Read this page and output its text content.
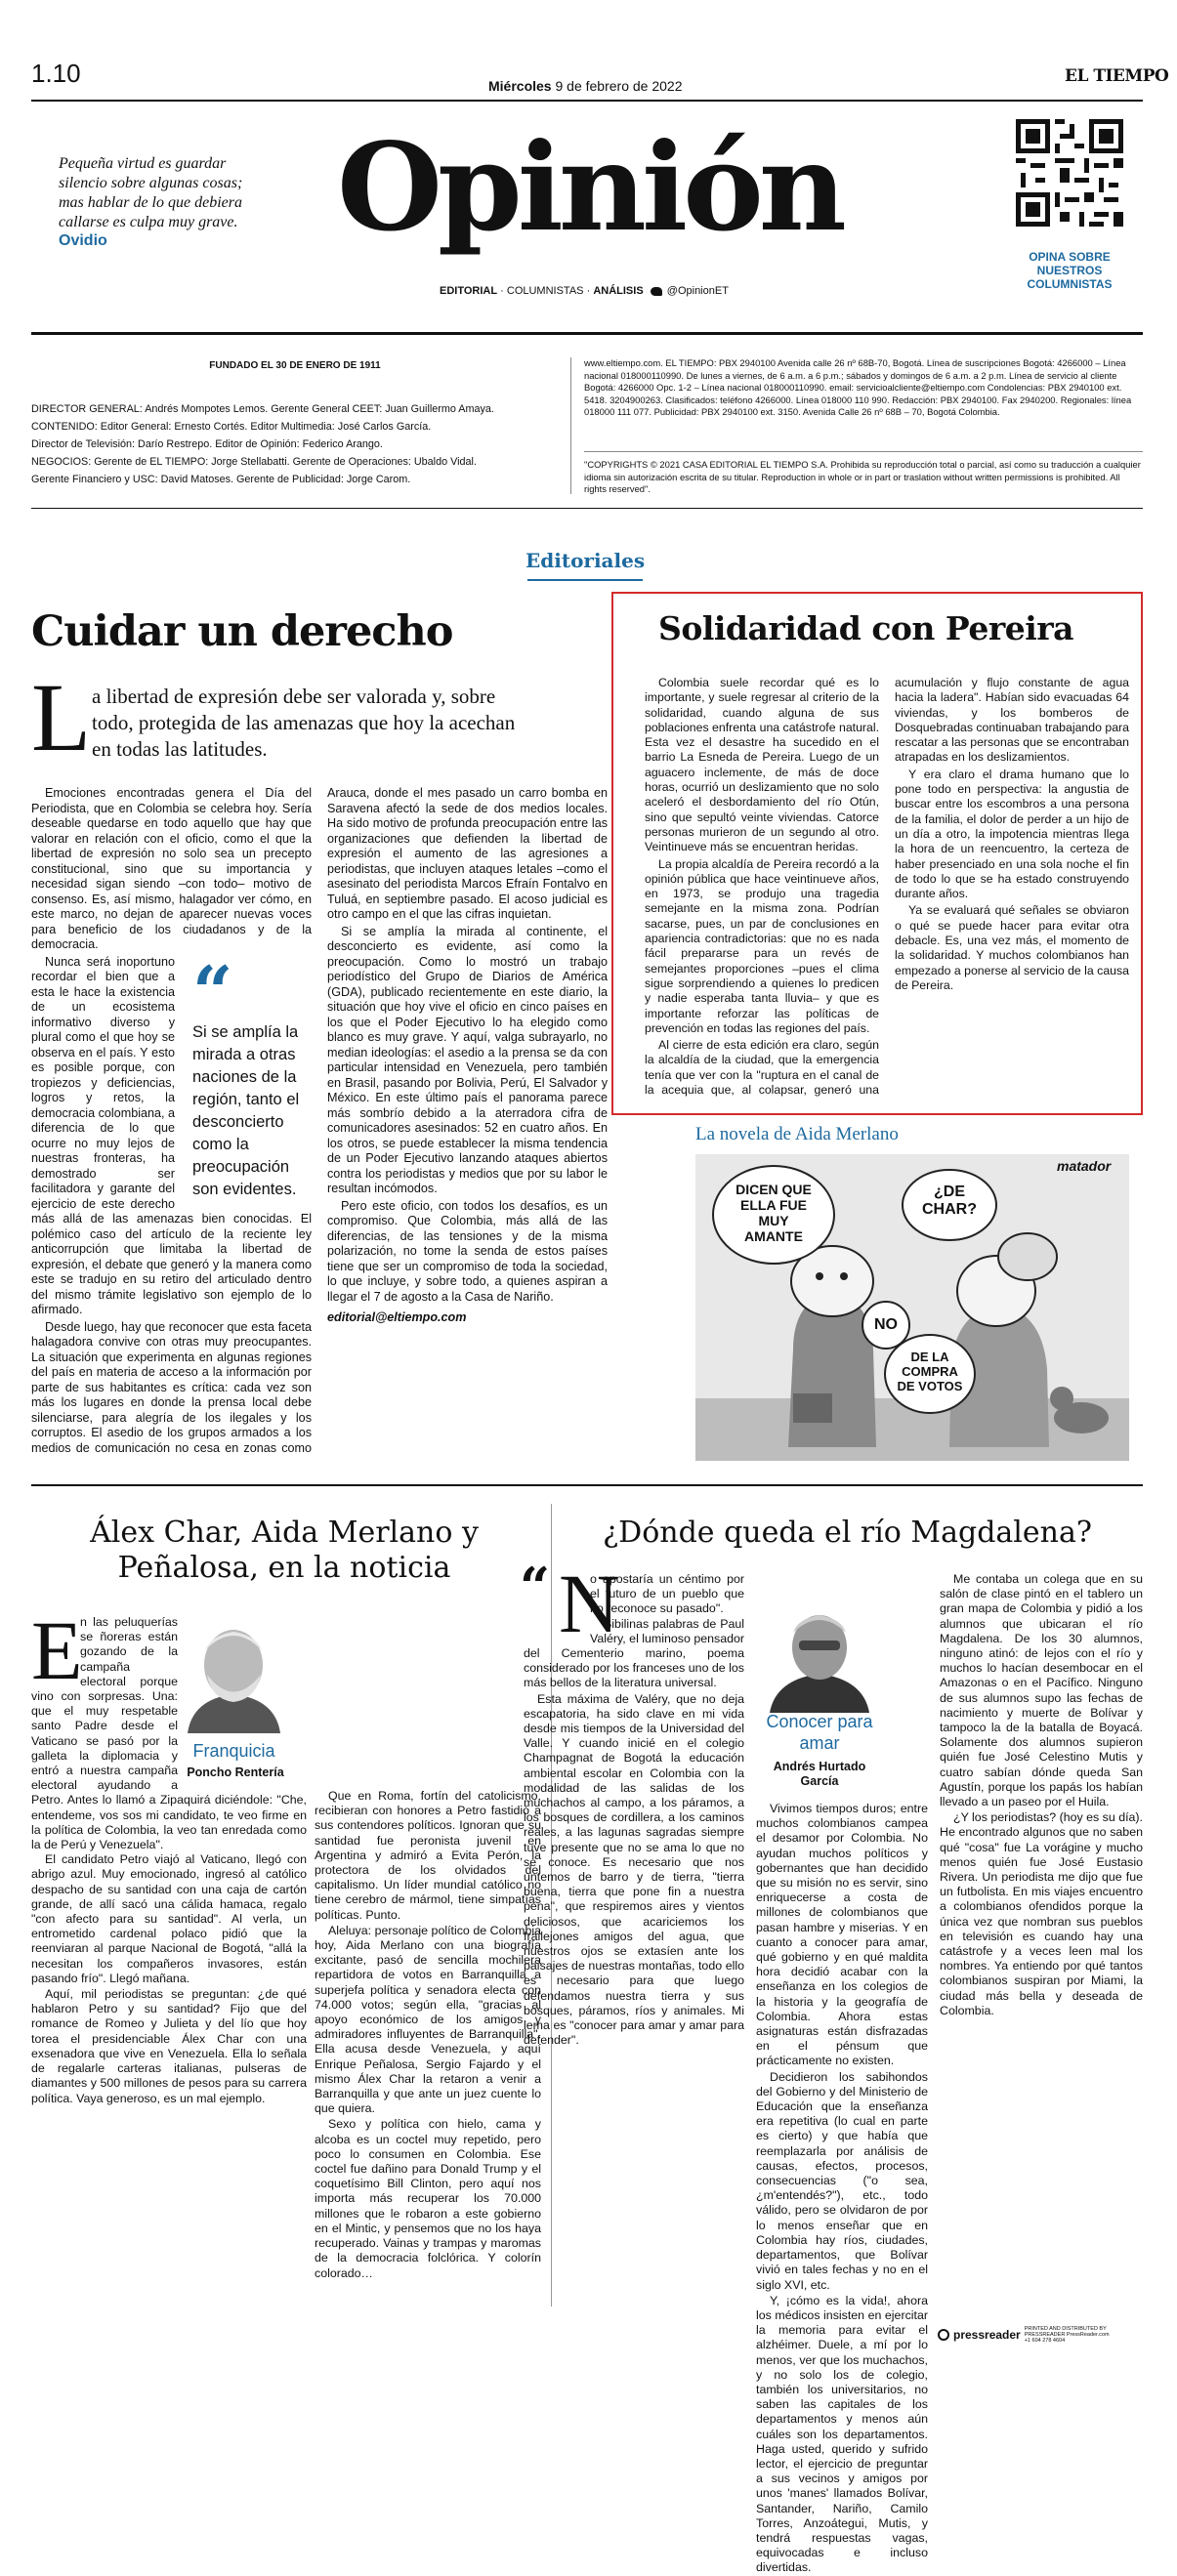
1.10	Miércoles 9 de febrero de 2022	EL TIEMPO
Pequeña virtud es guardar silencio sobre algunas cosas; mas hablar de lo que debiera callarse es culpa muy grave.
Ovidio	Opinión
EDITORIAL · COLUMNISTAS · ANÁLISIS @OpinionET
OPINA SOBRE NUESTROS COLUMNISTAS
FUNDADO EL 30 DE ENERO DE 1911
DIRECTOR GENERAL: Andrés Mompotes Lemos. Gerente General CEET: Juan Guillermo Amaya.
CONTENIDO: Editor General: Ernesto Cortés. Editor Multimedia: José Carlos García.
Director de Televisión: Darío Restrepo. Editor de Opinión: Federico Arango.
NEGOCIOS: Gerente de EL TIEMPO: Jorge Stellabatti. Gerente de Operaciones: Ubaldo Vidal.
Gerente Financiero y USC: David Matoses. Gerente de Publicidad: Jorge Carom.
www.eltiempo.com. EL TIEMPO: PBX 2940100 Avenida calle 26 nº 68B-70, Bogotá. Línea de suscripciones Bogotá: 4266000 – Línea nacional 018000110990. De lunes a viernes, de 6 a.m. a 6 p.m.; sábados y domingos de 6 a.m. a 2 p.m. Línea de servicio al cliente Bogotá: 4266000 Opc. 1-2 – Línea nacional 018000110990. email: servicioalcliente@eltiempo.com Condolencias: PBX 2940100 ext. 5418. 3204900263. Clasificados: teléfono 4266000. Línea 018000 110 990. Redacción: PBX 2940100. Fax 2940200. Regionales: línea 018000 111 077. Publicidad: PBX 2940100 ext. 3150. Avenida Calle 26 nº 68B – 70, Bogotá Colombia.
"COPYRIGHTS © 2021 CASA EDITORIAL EL TIEMPO S.A. Prohibida su reproducción total o parcial, así como su traducción a cualquier idioma sin autorización escrita de su titular. Reproduction in whole or in part or traslation without written permissions is prohibited. All rights reserved".
Editoriales
Cuidar un derecho
L a libertad de expresión debe ser valorada y, sobre todo, protegida de las amenazas que hoy la acechan en todas las latitudes.

Emociones encontradas genera el Día del Periodista, que en Colombia se celebra hoy. Sería deseable quedarse en todo aquello que hay que valorar en relación con el oficio, como el que la libertad de expresión no solo sea un precepto constitucional, sino que su importancia y necesidad sigan siendo –con todo– motivo de consenso. Es, así mismo, halagador ver cómo, en este marco, no dejan de aparecer nuevas voces para beneficio de los ciudadanos y de la democracia.

“
Si se amplía la mirada a otras naciones de la región, tanto el desconcierto como la preocupación son evidentes.
Nunca será inoportuno recordar el bien que a esta le hace la existencia de un ecosistema informativo diverso y plural como el que hoy se observa en el país. Y esto es posible porque, con tropiezos y deficiencias, logros y retos, la democracia colombiana, a diferencia de lo que ocurre no muy lejos de nuestras fronteras, ha demostrado ser facilitadora y garante del ejercicio de este derecho más allá de las amenazas bien conocidas. El polémico caso del artículo de la reciente ley anticorrupción que limitaba la libertad de expresión, el debate que generó y la manera como este se tradujo en su retiro del articulado dentro del mismo trámite legislativo son ejemplo de lo afirmado.

Desde luego, hay que reconocer que esta faceta halagadora convive con otras muy preocupantes. La situación que experimenta en algunas regiones del país en materia de acceso a la información por parte de sus habitantes es crítica: cada vez son más los lugares en donde la prensa local debe silenciarse, para alegría de los ilegales y los corruptos. El asedio de los grupos armados a los medios de comunicación no cesa en zonas como Arauca, donde el mes pasado un carro bomba en Saravena afectó la sede de dos medios locales. Ha sido motivo de profunda preocupación entre las organizaciones que defienden la libertad de expresión el aumento de las agresiones a periodistas, que incluyen ataques letales –como el asesinato del periodista Marcos Efraín Fontalvo en Tuluá, en septiembre pasado. El acoso judicial es otro campo en el que las cifras inquietan.

Si se amplía la mirada al continente, el desconcierto es evidente, así como la preocupación. Como lo mostró un trabajo periodístico del Grupo de Diarios de América (GDA), publicado recientemente en este diario, la situación que hoy vive el oficio en cinco países en los que el Poder Ejecutivo lo ha elegido como blanco es muy grave. Y aquí, valga subrayarlo, no median ideologías: el asedio a la prensa se da con particular intensidad en Venezuela, pero también en Brasil, pasando por Bolivia, Perú, El Salvador y México. En este último país el panorama parece más sombrío debido a la aterradora cifra de comunicadores asesinados: 52 en cuatro años. En los otros, se puede establecer la misma tendencia de un Poder Ejecutivo lanzando ataques abiertos contra los periodistas y medios que por su labor le resultan incómodos.

Pero este oficio, con todos los desafíos, es un compromiso. Que Colombia, más allá de las diferencias, de las tensiones y de la misma polarización, no tome la senda de estos países tiene que ser un compromiso de toda la sociedad, lo que incluye, y sobre todo, a quienes aspiran a llegar el 7 de agosto a la Casa de Nariño.

editorial@eltiempo.com

Solidaridad con Pereira

Colombia suele recordar qué es lo importante, y suele regresar al criterio de la solidaridad, cuando alguna de sus poblaciones enfrenta una catástrofe natural. Esta vez el desastre ha sucedido en el barrio La Esneda de Pereira. Luego de un aguacero inclemente, de más de doce horas, ocurrió un deslizamiento que no solo aceleró el desbordamiento del río Otún, sino que sepultó veinte viviendas. Catorce personas murieron de un segundo al otro. Veintinueve más se encuentran heridas.

La propia alcaldía de Pereira recordó a la opinión pública que hace veintinueve años, en 1973, se produjo una tragedia semejante en la misma zona. Podrían sacarse, pues, un par de conclusiones en apariencia contradictorias: que no es nada fácil prepararse para un revés de semejantes proporciones –pues el clima sigue sorprendiendo a quienes lo predicen y nadie esperaba tanta lluvia– y que es importante reforzar las políticas de prevención en todas las regiones del país.

Al cierre de esta edición era claro, según la alcaldía de la ciudad, que la emergencia tenía que ver con la "ruptura en el canal de la acequia que, al colapsar, generó una acumulación y flujo constante de agua hacia la ladera". Habían sido evacuadas 64 viviendas, y los bomberos de Dosquebradas continuaban trabajando para rescatar a las personas que se encontraban atrapadas en los deslizamientos.

Y era claro el drama humano que lo pone todo en perspectiva: la angustia de buscar entre los escombros a una persona de la familia, el dolor de perder a un hijo de un día a otro, la impotencia mientras llega la hora de un reencuentro, la certeza de haber presenciado en una sola noche el fin de todo lo que se ha estado construyendo durante años.

Ya se evaluará qué señales se obviaron o qué se puede hacer para evitar otra debacle. Es, una vez más, el momento de la solidaridad. Y muchos colombianos han empezado a ponerse al servicio de la causa de Pereira.

La novela de Aida Merlano
matador
DICEN QUE ELLA FUE MUY AMANTE
¿DE CHAR?
NO
DE LA COMPRA DE VOTOS
Álex Char, Aida Merlano y Peñalosa, en la noticia
E
Franquicia
Poncho Rentería
n las peluquerías se ñoreras están gozando de la campaña electoral porque vino con sorpresas. Una: que el muy respetable santo Padre desde el Vaticano se pasó por la galleta la diplomacia y entró a nuestra campaña electoral ayudando a Petro. Antes lo llamó a Zipaquirá diciéndole: "Che, entendeme, vos sos mi candidato, te veo firme en la política de Colombia, la veo tan enredada como la de Perú y Venezuela".

El candidato Petro viajó al Vaticano, llegó con abrigo azul. Muy emocionado, ingresó al católico despacho de su santidad con una caja de cartón grande, de allí sacó una cálida hamaca, regalo "con afecto para su santidad". Al verla, un entrometido cardenal polaco pidió que la reenviaran al parque Nacional de Bogotá, "allá la necesitan los compañeros invasores, están pasando frío". Llegó mañana.

Aquí, mil periodistas se preguntan: ¿de qué hablaron Petro y su santidad? Fijo que del romance de Romeo y Julieta y del lío que hoy torea el presidenciable Álex Char con una exsenadora que vive en Venezuela. Ella lo señala de regalarle carteras italianas, pulseras de diamantes y 500 millones de pesos para su carrera política. Vaya generoso, es un mal ejemplo.

Que en Roma, fortín del catolicismo, recibieran con honores a Petro fastidió a sus contendores políticos. Ignoran que su santidad fue peronista juvenil en Argentina y admiró a Evita Perón, la protectora de los olvidados del capitalismo. Un líder mundial católico no tiene cerebro de mármol, tiene simpatías políticas. Punto.

Aleluya: personaje político de Colombia hoy, Aida Merlano con una biografía excitante, pasó de sencilla mochilera repartidora de votos en Barranquilla a superjefa política y senadora electa con 74.000 votos; según ella, "gracias al apoyo económico de los amigos y admiradores influyentes de Barranquilla". Ella acusa desde Venezuela, y aquí Enrique Peñalosa, Sergio Fajardo y el mismo Álex Char la retaron a venir a Barranquilla y que ante un juez cuente lo que quiera.

Sexo y política con hielo, cama y alcoba es un coctel muy repetido, pero poco lo consumen en Colombia. Ese coctel fue dañino para Donald Trump y el coquetísimo Bill Clinton, pero aquí nos importa más recuperar los 70.000 millones que le robaron a este gobierno en el Mintic, y pensemos que no los haya recuperado. Vainas y trampas y maromas de la democracia folclórica. Y colorín colorado…

¿Dónde queda el río Magdalena?
“ N
Conocer para amar
Andrés Hurtado García
o apostaría un céntimo por el futuro de un pueblo que no reconoce su pasado".

Sibilinas palabras de Paul Valéry, el luminoso pensador del Cementerio marino, poema considerado por los franceses uno de los más bellos de la literatura universal.

Esta máxima de Valéry, que no deja escapatoria, ha sido clave en mi vida desde mis tiempos de la Universidad del Valle. Y cuando inicié en el colegio Champagnat de Bogotá la educación ambiental escolar en Colombia con la modalidad de las salidas de los muchachos al campo, a los páramos, a los bosques de cordillera, a los caminos reales, a las lagunas sagradas siempre tuve presente que no se ama lo que no se conoce. Es necesario que nos untemos de barro y de tierra, "tierra buena, tierra que pone fin a nuestra pena", que respiremos aires y vientos deliciosos, que acariciemos los frailejones amigos del agua, que nuestros ojos se extasíen ante los paisajes de nuestras montañas, todo ello es necesario para que luego defendamos nuestra tierra y sus bosques, páramos, ríos y animales. Mi lema es "conocer para amar y amar para defender".

Vivimos tiempos duros; entre muchos colombianos campea el desamor por Colombia. No ayudan muchos políticos y gobernantes que han decidido que su misión no es servir, sino enriquecerse a costa de millones de colombianos que pasan hambre y miserias. Y en cuanto a conocer para amar, qué gobierno y en qué maldita hora decidió acabar con la enseñanza en los colegios de la historia y la geografía de Colombia. Ahora estas asignaturas están disfrazadas en el pénsum que prácticamente no existen.

Decidieron los sabihondos del Gobierno y del Ministerio de Educación que la enseñanza era repetitiva (lo cual en parte es cierto) y que había que reemplazarla por análisis de causas, efectos, procesos, consecuencias ("o sea, ¿m'entendés?"), etc., todo válido, pero se olvidaron de por lo menos enseñar que en Colombia hay ríos, ciudades, departamentos, que Bolívar vivió en tales fechas y no en el siglo XVI, etc.

Y, ¡cómo es la vida!, ahora los médicos insisten en ejercitar la memoria para evitar el alzhéimer. Duele, a mí por lo menos, ver que los muchachos, y no solo los de colegio, también los universitarios, no saben las capitales de los departamentos y menos aún cuáles son los departamentos. Haga usted, querido y sufrido lector, el ejercicio de preguntar a sus vecinos y amigos por unos 'manes' llamados Bolívar, Santander, Nariño, Camilo Torres, Anzoátegui, Mutis, y tendrá respuestas vagas, equivocadas e incluso divertidas.

Me contaba un colega que en su salón de clase pintó en el tablero un gran mapa de Colombia y pidió a los alumnos que ubicaran el río Magdalena. De los 30 alumnos, ninguno atinó: de lejos con el río y muchos lo hacían desembocar en el Amazonas o en el Pacífico. Ninguno de sus alumnos supo las fechas de nacimiento y muerte de Bolívar y tampoco la de la batalla de Boyacá. Solamente dos alumnos supieron quién fue José Celestino Mutis y cuatro sabían dónde queda San Agustín, porque los papás los habían llevado a un paseo por el Huila.

¿Y los periodistas? (hoy es su día). He encontrado algunos que no saben qué "cosa" fue La vorágine y mucho menos quién fue José Eustasio Rivera. Un periodista me dijo que fue un futbolista. En mis viajes encuentro a colombianos ofendidos porque la única vez que nombran sus pueblos en televisión es cuando hay una catástrofe y a veces leen mal los nombres. Ya entiendo por qué tantos colombianos suspiran por Miami, la ciudad más bella y deseada de Colombia.

pressreader PRINTED AND DISTRIBUTED BY PRESSREADER PressReader.com +1 604 278 4604
